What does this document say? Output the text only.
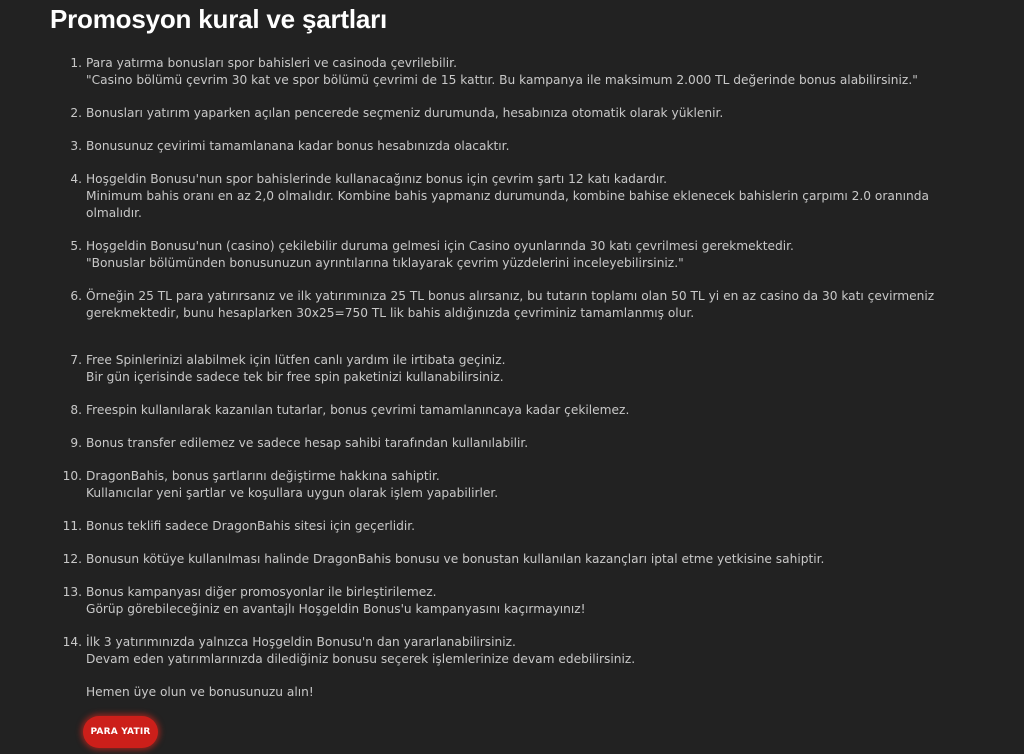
Promosyon kural ve şartları
1. Para yatırma bonusları spor bahisleri ve casinoda çevrilebilir.
"Casino bölümü çevrim 30 kat ve spor bölümü çevrimi de 15 kattır. Bu kampanya ile maksimum 2.000 TL değerinde bonus alabilirsiniz."
2. Bonusları yatırım yaparken açılan pencerede seçmeniz durumunda, hesabınıza otomatik olarak yüklenir.
3. Bonusunuz çevirimi tamamlanana kadar bonus hesabınızda olacaktır.
4. Hoşgeldin Bonusu'nun spor bahislerinde kullanacağınız bonus için çevrim şartı 12 katı kadardır.
Minimum bahis oranı en az 2,0 olmalıdır. Kombine bahis yapmanız durumunda, kombine bahise eklenecek bahislerin çarpımı 2.0 oranında olmalıdır.
5. Hoşgeldin Bonusu'nun (casino) çekilebilir duruma gelmesi için Casino oyunlarında 30 katı çevrilmesi gerekmektedir.
"Bonuslar bölümünden bonusunuzun ayrıntılarına tıklayarak çevrim yüzdelerini inceleyebilirsiniz."
6. Örneğin 25 TL para yatırırsanız ve ilk yatırımınıza 25 TL bonus alırsanız, bu tutarın toplamı olan 50 TL yi en az casino da 30 katı çevirmeniz gerekmektedir, bunu hesaplarken 30x25=750 TL lik bahis aldığınızda çevriminiz tamamlanmış olur.
7. Free Spinlerinizi alabilmek için lütfen canlı yardım ile irtibata geçiniz.
Bir gün içerisinde sadece tek bir free spin paketinizi kullanabilirsiniz.
8. Freespin kullanılarak kazanılan tutarlar, bonus çevrimi tamamlanıncaya kadar çekilemez.
9. Bonus transfer edilemez ve sadece hesap sahibi tarafından kullanılabilir.
10. DragonBahis, bonus şartlarını değiştirme hakkına sahiptir.
Kullanıcılar yeni şartlar ve koşullara uygun olarak işlem yapabilirler.
11. Bonus teklifi sadece DragonBahis sitesi için geçerlidir.
12. Bonusun kötüye kullanılması halinde DragonBahis bonusu ve bonustan kullanılan kazançları iptal etme yetkisine sahiptir.
13. Bonus kampanyası diğer promosyonlar ile birleştirilemez.
Görüp görebileceğiniz en avantajlı Hoşgeldin Bonus'u kampanyasını kaçırmayınız!
14. İlk 3 yatırımınızda yalnızca Hoşgeldin Bonusu'n dan yararlanabilirsiniz.
Devam eden yatırımlarınızda dilediğiniz bonusu seçerek işlemlerinize devam edebilirsiniz.

Hemen üye olun ve bonusunuzu alın!

PARA YATIR
